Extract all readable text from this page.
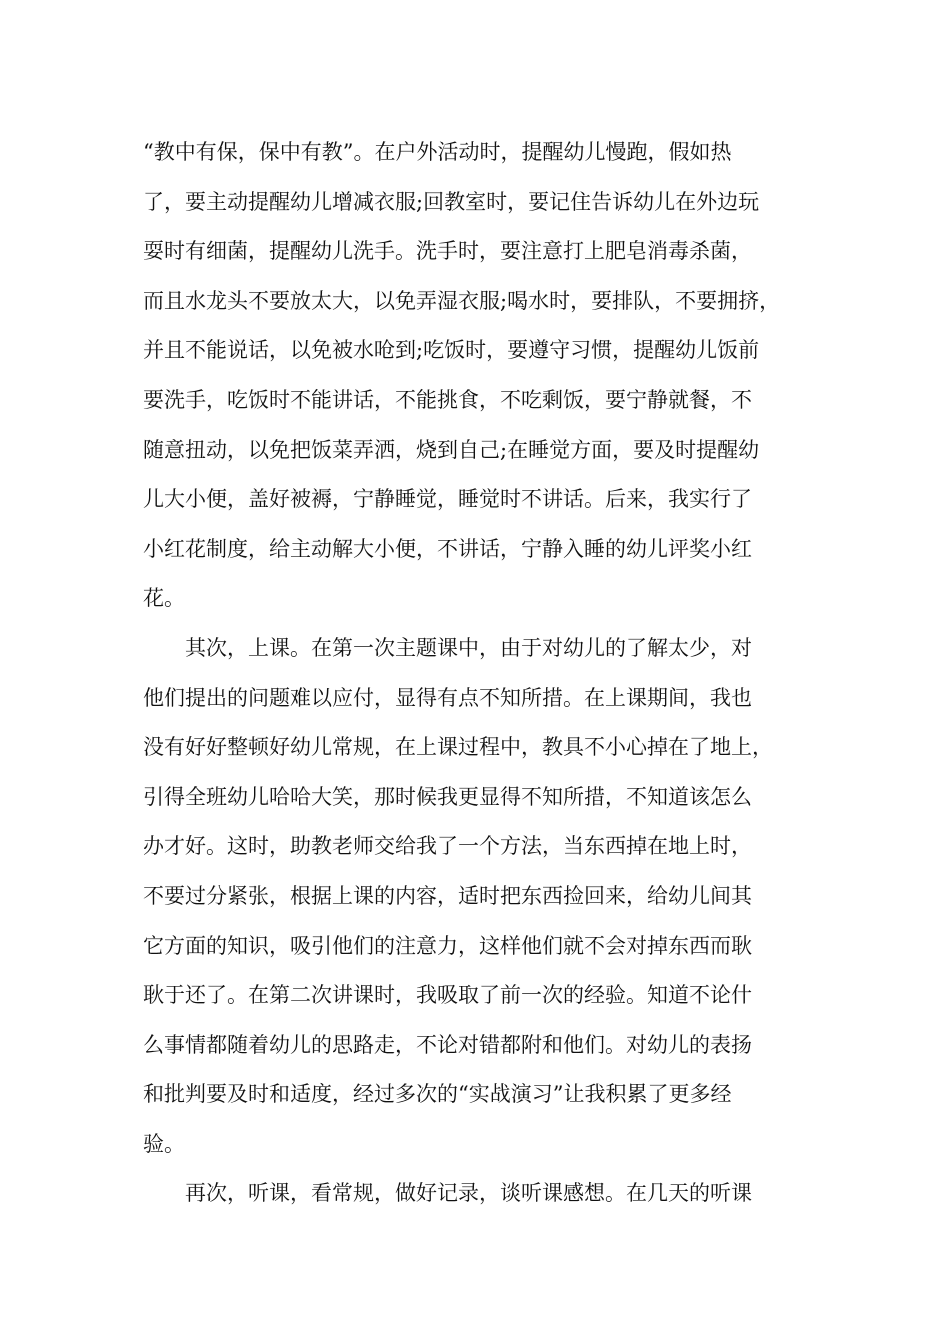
“教中有保，保中有教”。在户外活动时，提醒幼儿慢跑，假如热
了，要主动提醒幼儿增减衣服;回教室时，要记住告诉幼儿在外边玩
耍时有细菌，提醒幼儿洗手。洗手时，要注意打上肥皂消毒杀菌，
而且水龙头不要放太大，以免弄湿衣服;喝水时，要排队，不要拥挤，
并且不能说话，以免被水呛到;吃饭时，要遵守习惯，提醒幼儿饭前
要洗手，吃饭时不能讲话，不能挑食，不吃剩饭，要宁静就餐，不
随意扭动，以免把饭菜弄洒，烧到自己;在睡觉方面，要及时提醒幼
儿大小便，盖好被褥，宁静睡觉，睡觉时不讲话。后来，我实行了
小红花制度，给主动解大小便，不讲话，宁静入睡的幼儿评奖小红
花。
其次，上课。在第一次主题课中，由于对幼儿的了解太少，对
他们提出的问题难以应付，显得有点不知所措。在上课期间，我也
没有好好整顿好幼儿常规，在上课过程中，教具不小心掉在了地上，
引得全班幼儿哈哈大笑，那时候我更显得不知所措，不知道该怎么
办才好。这时，助教老师交给我了一个方法，当东西掉在地上时，
不要过分紧张，根据上课的内容，适时把东西捡回来，给幼儿间其
它方面的知识，吸引他们的注意力，这样他们就不会对掉东西而耿
耿于还了。在第二次讲课时，我吸取了前一次的经验。知道不论什
么事情都随着幼儿的思路走，不论对错都附和他们。对幼儿的表扬
和批判要及时和适度，经过多次的“实战演习”让我积累了更多经
验。
再次，听课，看常规，做好记录，谈听课感想。在几天的听课
